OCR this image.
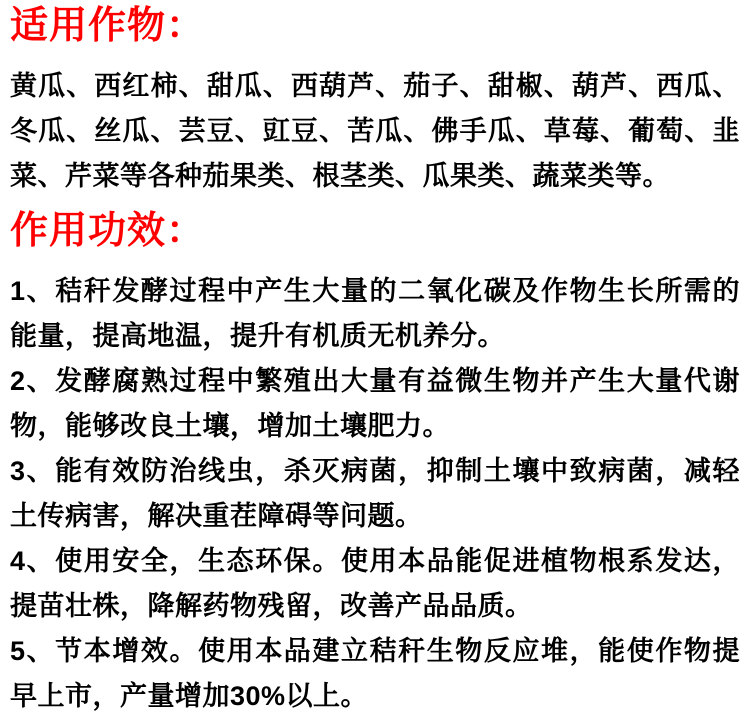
适用作物：

黄瓜、西红柿、甜瓜、西葫芦、茄子、甜椒、葫芦、西瓜、冬瓜、丝瓜、芸豆、豇豆、苦瓜、佛手瓜、草莓、葡萄、韭菜、芹菜等各种茄果类、根茎类、瓜果类、蔬菜类等。

作用功效：

1、秸秆发酵过程中产生大量的二氧化碳及作物生长所需的能量，提高地温，提升有机质无机养分。

2、发酵腐熟过程中繁殖出大量有益微生物并产生大量代谢物，能够改良土壤，增加土壤肥力。

3、能有效防治线虫，杀灭病菌，抑制土壤中致病菌，减轻土传病害，解决重茬障碍等问题。

4、使用安全，生态环保。使用本品能促进植物根系发达，提苗壮株，降解药物残留，改善产品品质。

5、节本增效。使用本品建立秸秆生物反应堆，能使作物提早上市，产量增加30%以上。
